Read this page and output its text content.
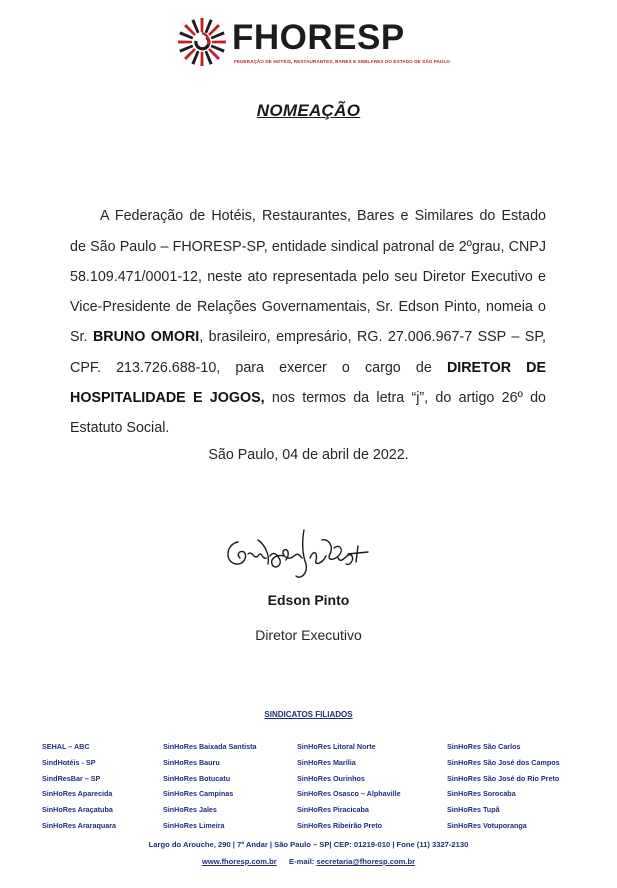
FHORESP
FEDERAÇÃO DE HOTÉIS, RESTAURANTES, BARES E SIMILARES DO ESTADO DE SÃO PAULO
NOMEAÇÃO

A Federação de Hotéis, Restaurantes, Bares e Similares do Estado de São Paulo – FHORESP-SP, entidade sindical patronal de 2ºgrau, CNPJ 58.109.471/0001-12, neste ato representada pelo seu Diretor Executivo e Vice-Presidente de Relações Governamentais, Sr. Edson Pinto, nomeia o Sr. BRUNO OMORI, brasileiro, empresário, RG. 27.006.967-7 SSP – SP, CPF. 213.726.688-10, para exercer o cargo de DIRETOR DE HOSPITALIDADE E JOGOS, nos termos da letra “j”, do artigo 26º do Estatuto Social.

São Paulo, 04 de abril de 2022.
Edson Pinto
Diretor Executivo
SINDICATOS FILIADOS
SEHAL – ABC	SinHoRes Baixada Santista	SinHoRes Litoral Norte	SinHoRes São Carlos
SindHotéis - SP	SinHoRes Bauru	SinHoRes Marília	SinHoRes São José dos Campos
SindResBar – SP	SinHoRes Botucatu	SinHoRes Ourinhos	SinHoRes São José do Rio Preto
SinHoRes Aparecida	SinHoRes Campinas	SinHoRes Osasco – Alphaville	SinHoRes Sorocaba
SinHoRes Araçatuba	SinHoRes Jales	SinHoRes Piracicaba	SinHoRes Tupã
SinHoRes Araraquara	SinHoRes Limeira	SinHoRes Ribeirão Preto	SinHoRes Votuporanga
Largo do Arouche, 290 | 7º Andar | São Paulo – SP| CEP: 01219-010 | Fone (11) 3327-2130
www.fhoresp.com.br E-mail: secretaria@fhoresp.com.br
